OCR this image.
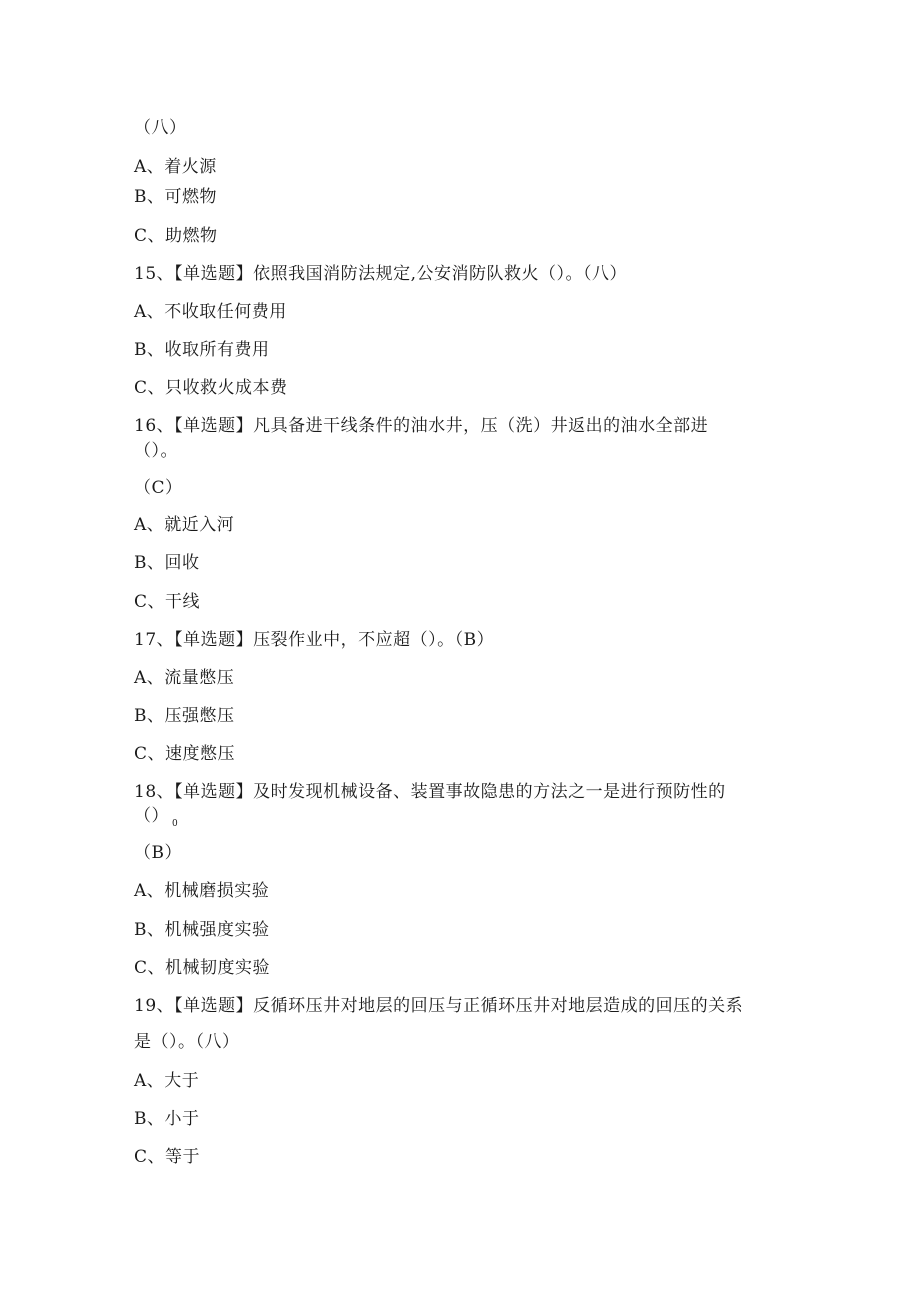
（八）
A、着火源
B、可燃物
C、助燃物
15、【单选题】依照我国消防法规定,公安消防队救火（）。（八）
A、不收取任何费用
B、收取所有费用
C、只收救火成本费
16、【单选题】凡具备进干线条件的油水井，压（洗）井返出的油水全部进
（）。
（C）
A、就近入河
B、回收
C、干线
17、【单选题】压裂作业中，不应超（）。（B）
A、流量憋压
B、压强憋压
C、速度憋压
18、【单选题】及时发现机械设备、装置事故隐患的方法之一是进行预防性的
（） $_0$
（B）
A、机械磨损实验
B、机械强度实验
C、机械韧度实验
19、【单选题】反循环压井对地层的回压与正循环压井对地层造成的回压的关系
是（）。（八）
A、大于
B、小于
C、等于
